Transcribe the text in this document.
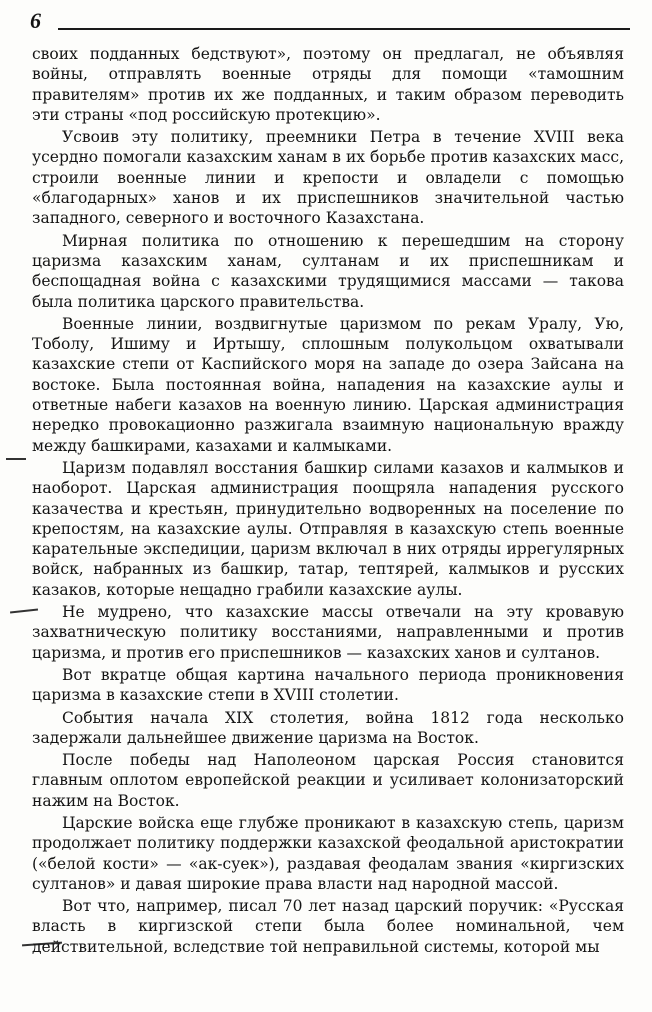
6

своих подданных бедствуют», поэтому он предлагал, не объявляя войны, отправлять военные отряды для помощи «тамошним правителям» против их же подданных, и таким образом переводить эти страны «под российскую протекцию».

Усвоив эту политику, преемники Петра в течение XVIII века усердно помогали казахским ханам в их борьбе против казахских масс, строили военные линии и крепости и овладели с помощью «благодарных» ханов и их приспешников значительной частью западного, северного и восточного Казахстана.

Мирная политика по отношению к перешедшим на сторону царизма казахским ханам, султанам и их приспешникам и беспощадная война с казахскими трудящимися массами — такова была политика царского правительства.

Военные линии, воздвигнутые царизмом по рекам Уралу, Ую, Тоболу, Ишиму и Иртышу, сплошным полукольцом охватывали казахские степи от Каспийского моря на западе до озера Зайсана на востоке. Была постоянная война, нападения на казахские аулы и ответные набеги казахов на военную линию. Царская администрация нередко провокационно разжигала взаимную национальную вражду между башкирами, казахами и калмыками.

Царизм подавлял восстания башкир силами казахов и калмыков и наоборот. Царская администрация поощряла нападения русского казачества и крестьян, принудительно водворенных на поселение по крепостям, на казахские аулы. Отправляя в казахскую степь военные карательные экспедиции, царизм включал в них отряды иррегулярных войск, набранных из башкир, татар, тептярей, калмыков и русских казаков, которые нещадно грабили казахские аулы.

Не мудрено, что казахские массы отвечали на эту кровавую захватническую политику восстаниями, направленными и против царизма, и против его приспешников — казахских ханов и султанов.

Вот вкратце общая картина начального периода проникновения царизма в казахские степи в XVIII столетии.

События начала XIX столетия, война 1812 года несколько задержали дальнейшее движение царизма на Восток.

После победы над Наполеоном царская Россия становится главным оплотом европейской реакции и усиливает колонизаторский нажим на Восток.

Царские войска еще глубже проникают в казахскую степь, царизм продолжает политику поддержки казахской феодальной аристократии («белой кости» — «ак-суек»), раздавая феодалам звания «киргизских султанов» и давая широкие права власти над народной массой.

Вот что, например, писал 70 лет назад царский поручик: «Русская власть в киргизской степи была более номинальной, чем действительной, вследствие той неправильной системы, которой мы
